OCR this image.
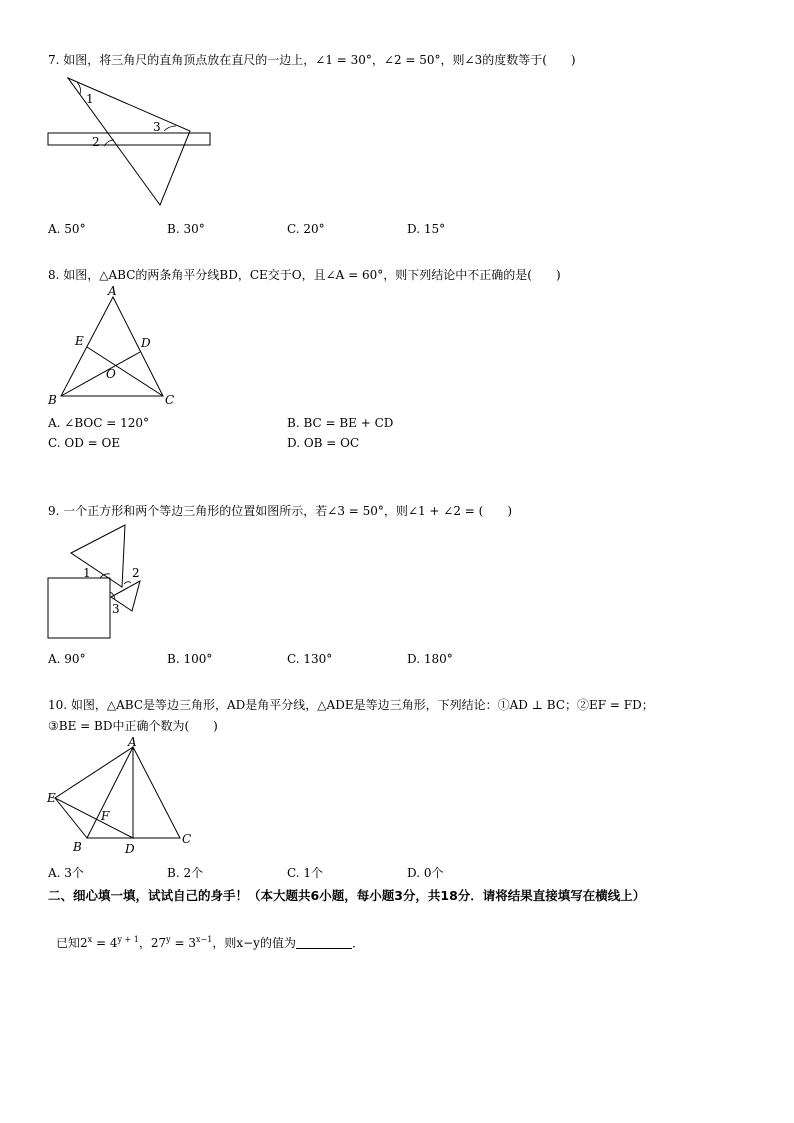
7. 如图，将三角尺的直角顶点放在直尺的一边上，∠1 = 30°，∠2 = 50°，则∠3的度数等于(　　)
1
3
2
A. 50°	B. 30°	C. 20°	D. 15°
8. 如图，△ABC的两条角平分线BD，CE交于O，且∠A = 60°，则下列结论中不正确的是(　　)
A
B	C
D
E
O
A. ∠BOC = 120°	B. BC = BE + CD
C. OD = OE	D. OB = OC
9. 一个正方形和两个等边三角形的位置如图所示，若∠3 = 50°，则∠1 + ∠2 = (　　)
1	2
3
A. 90°	B. 100°	C. 130°	D. 180°
10. 如图，△ABC是等边三角形，AD是角平分线，△ADE是等边三角形，下列结论：①AD ⊥ BC；②EF = FD；
③BE = BD中正确个数为(　　)
A
B
C
D
E
F
A. 3个	B. 2个	C. 1个	D. 0个
二、细心填一填，试试自己的身手！（本大题共6小题，每小题3分，共18分．请将结果直接填写在横线上）
已知$2^x = 4^{y + 1}$，$27^y = 3^{x-1}$，则x−y的值为	．
